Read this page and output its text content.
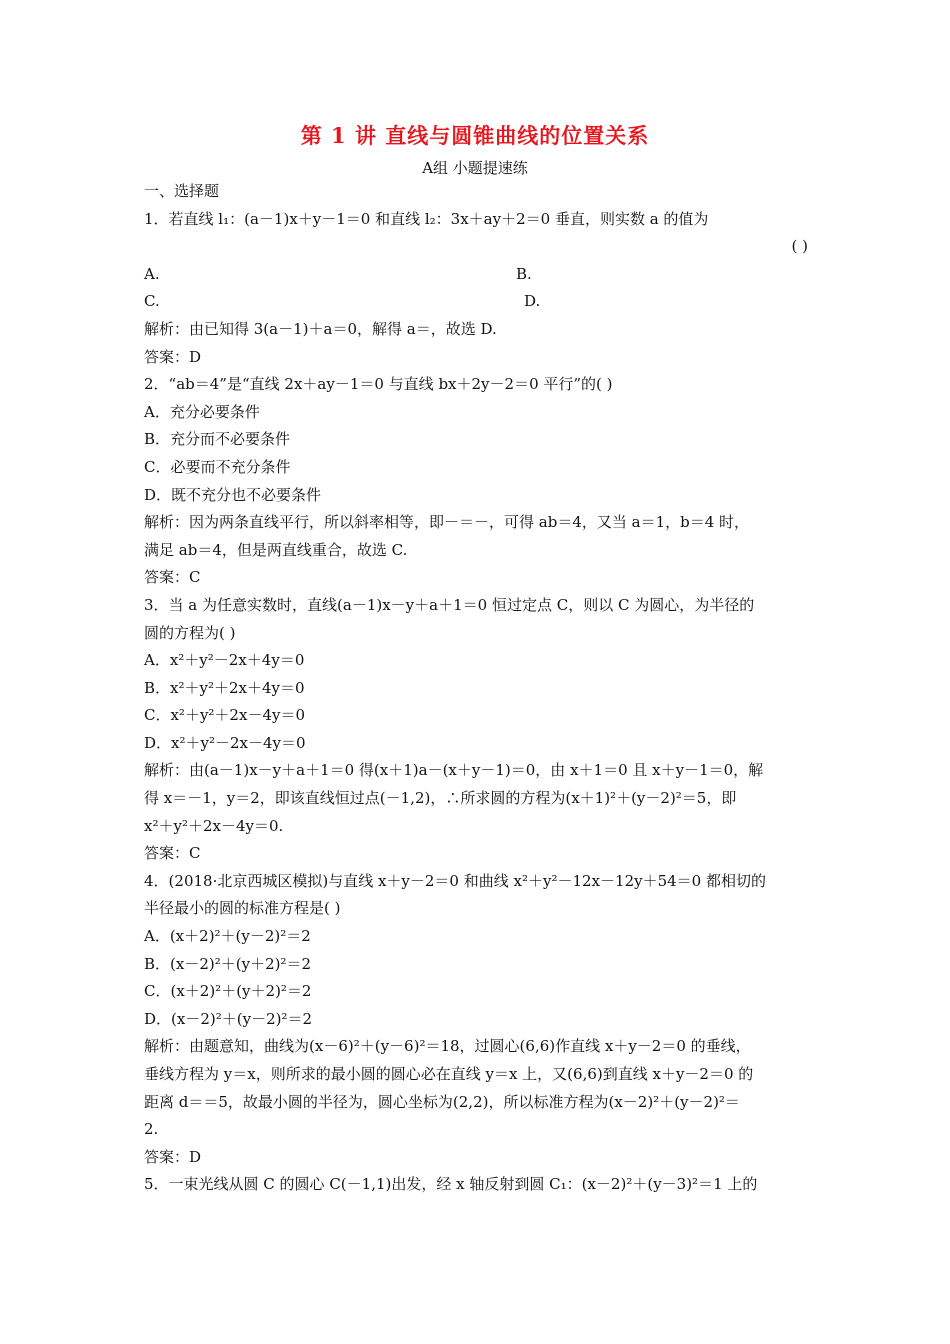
第 1 讲 直线与圆锥曲线的位置关系
A组 小题提速练
一、选择题
1．若直线 l₁：(a－1)x＋y－1＝0 和直线 l₂：3x＋ay＋2＝0 垂直，则实数 a 的值为
( )
A.	B.
C.	D.
解析：由已知得 3(a－1)＋a＝0，解得 a＝，故选 D.
答案：D
2．“ab＝4”是“直线 2x＋ay－1＝0 与直线 bx＋2y－2＝0 平行”的( )
A．充分必要条件
B．充分而不必要条件
C．必要而不充分条件
D．既不充分也不必要条件
解析：因为两条直线平行，所以斜率相等，即－＝－，可得 ab＝4，又当 a＝1，b＝4 时，
满足 ab＝4，但是两直线重合，故选 C.
答案：C
3．当 a 为任意实数时，直线(a－1)x－y＋a＋1＝0 恒过定点 C，则以 C 为圆心，为半径的
圆的方程为( )
A．x²＋y²－2x＋4y＝0
B．x²＋y²＋2x＋4y＝0
C．x²＋y²＋2x－4y＝0
D．x²＋y²－2x－4y＝0
解析：由(a－1)x－y＋a＋1＝0 得(x＋1)a－(x＋y－1)＝0，由 x＋1＝0 且 x＋y－1＝0，解
得 x＝－1，y＝2，即该直线恒过点(－1,2)，∴所求圆的方程为(x＋1)²＋(y－2)²＝5，即
x²＋y²＋2x－4y＝0.
答案：C
4．(2018·北京西城区模拟)与直线 x＋y－2＝0 和曲线 x²＋y²－12x－12y＋54＝0 都相切的
半径最小的圆的标准方程是( )
A．(x＋2)²＋(y－2)²＝2
B．(x－2)²＋(y＋2)²＝2
C．(x＋2)²＋(y＋2)²＝2
D．(x－2)²＋(y－2)²＝2
解析：由题意知，曲线为(x－6)²＋(y－6)²＝18，过圆心(6,6)作直线 x＋y－2＝0 的垂线，
垂线方程为 y＝x，则所求的最小圆的圆心必在直线 y＝x 上，又(6,6)到直线 x＋y－2＝0 的
距离 d＝＝5，故最小圆的半径为，圆心坐标为(2,2)，所以标准方程为(x－2)²＋(y－2)²＝
2.
答案：D
5．一束光线从圆 C 的圆心 C(－1,1)出发，经 x 轴反射到圆 C₁：(x－2)²＋(y－3)²＝1 上的
